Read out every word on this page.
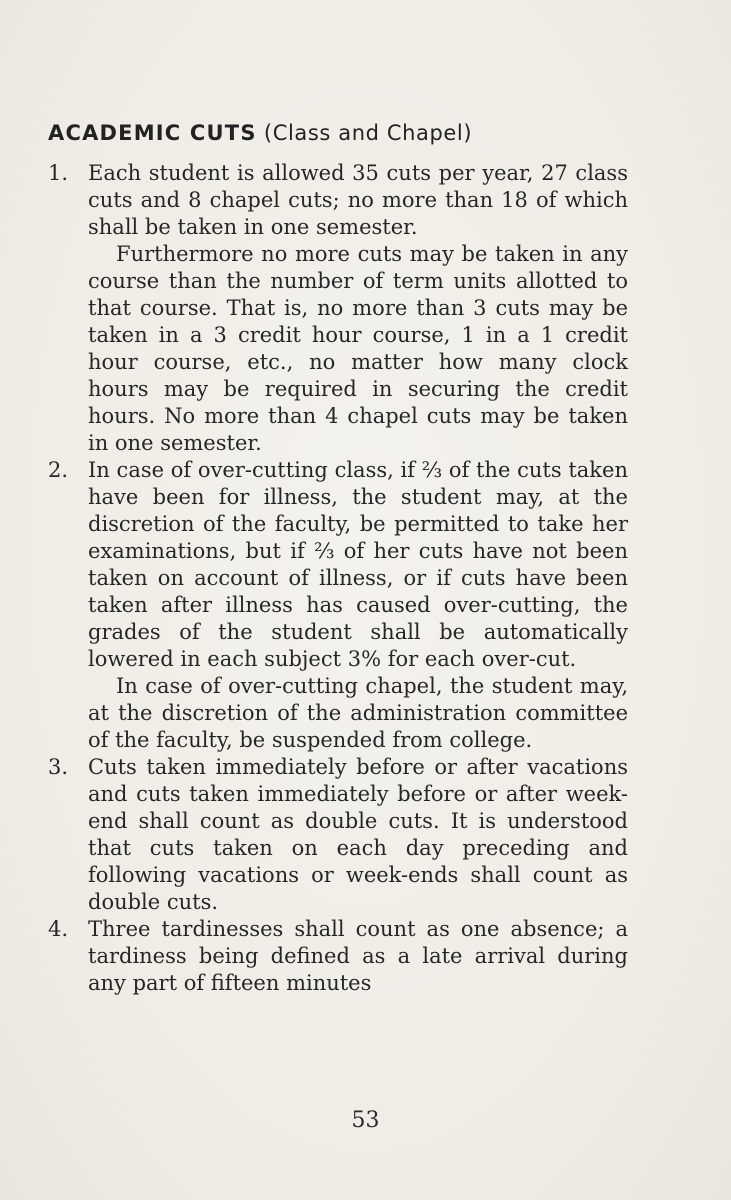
ACADEMIC CUTS (Class and Chapel)
1. Each student is allowed 35 cuts per year, 27 class cuts and 8 chapel cuts; no more than 18 of which shall be taken in one semester.

Furthermore no more cuts may be taken in any course than the number of term units allotted to that course. That is, no more than 3 cuts may be taken in a 3 credit hour course, 1 in a 1 credit hour course, etc., no matter how many clock hours may be required in securing the credit hours. No more than 4 chapel cuts may be taken in one semester.

2. In case of over-cutting class, if ⅔ of the cuts taken have been for illness, the student may, at the discretion of the faculty, be permitted to take her examinations, but if ⅔ of her cuts have not been taken on account of illness, or if cuts have been taken after illness has caused over-cutting, the grades of the student shall be automatically lowered in each subject 3% for each over-cut.

In case of over-cutting chapel, the student may, at the discretion of the administration committee of the faculty, be suspended from college.

3. Cuts taken immediately before or after vacations and cuts taken immediately before or after week-end shall count as double cuts. It is understood that cuts taken on each day preceding and following vacations or week-ends shall count as double cuts.

4. Three tardinesses shall count as one absence; a tardiness being defined as a late arrival during any part of fifteen minutes

53
